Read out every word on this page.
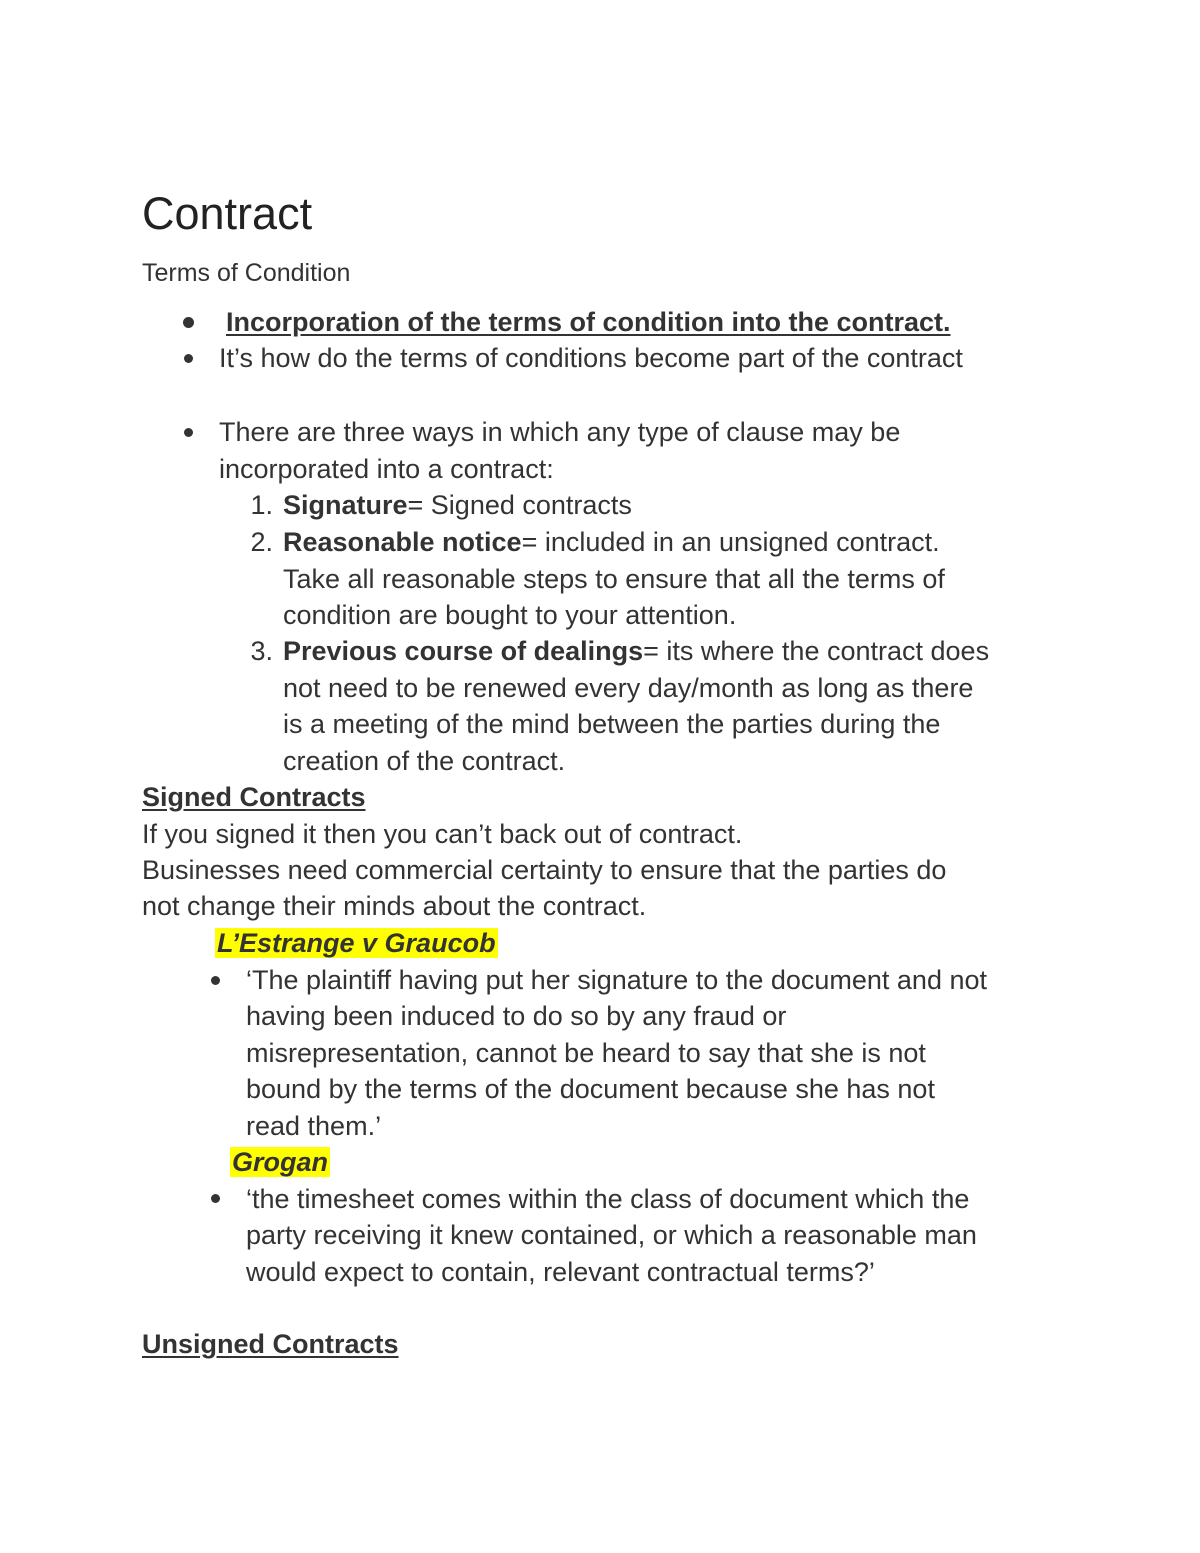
Contract
Terms of Condition
Incorporation of the terms of condition into the contract.
It’s how do the terms of conditions become part of the contract
There are three ways in which any type of clause may be
incorporated into a contract:
1. Signature= Signed contracts
2. Reasonable notice= included in an unsigned contract.
Take all reasonable steps to ensure that all the terms of
condition are bought to your attention.
3. Previous course of dealings= its where the contract does
not need to be renewed every day/month as long as there
is a meeting of the mind between the parties during the
creation of the contract.
Signed Contracts
If you signed it then you can’t back out of contract.
Businesses need commercial certainty to ensure that the parties do
not change their minds about the contract.
L’Estrange v Graucob
‘The plaintiff having put her signature to the document and not
having been induced to do so by any fraud or
misrepresentation, cannot be heard to say that she is not
bound by the terms of the document because she has not
read them.’
Grogan
‘the timesheet comes within the class of document which the
party receiving it knew contained, or which a reasonable man
would expect to contain, relevant contractual terms?’
Unsigned Contracts
